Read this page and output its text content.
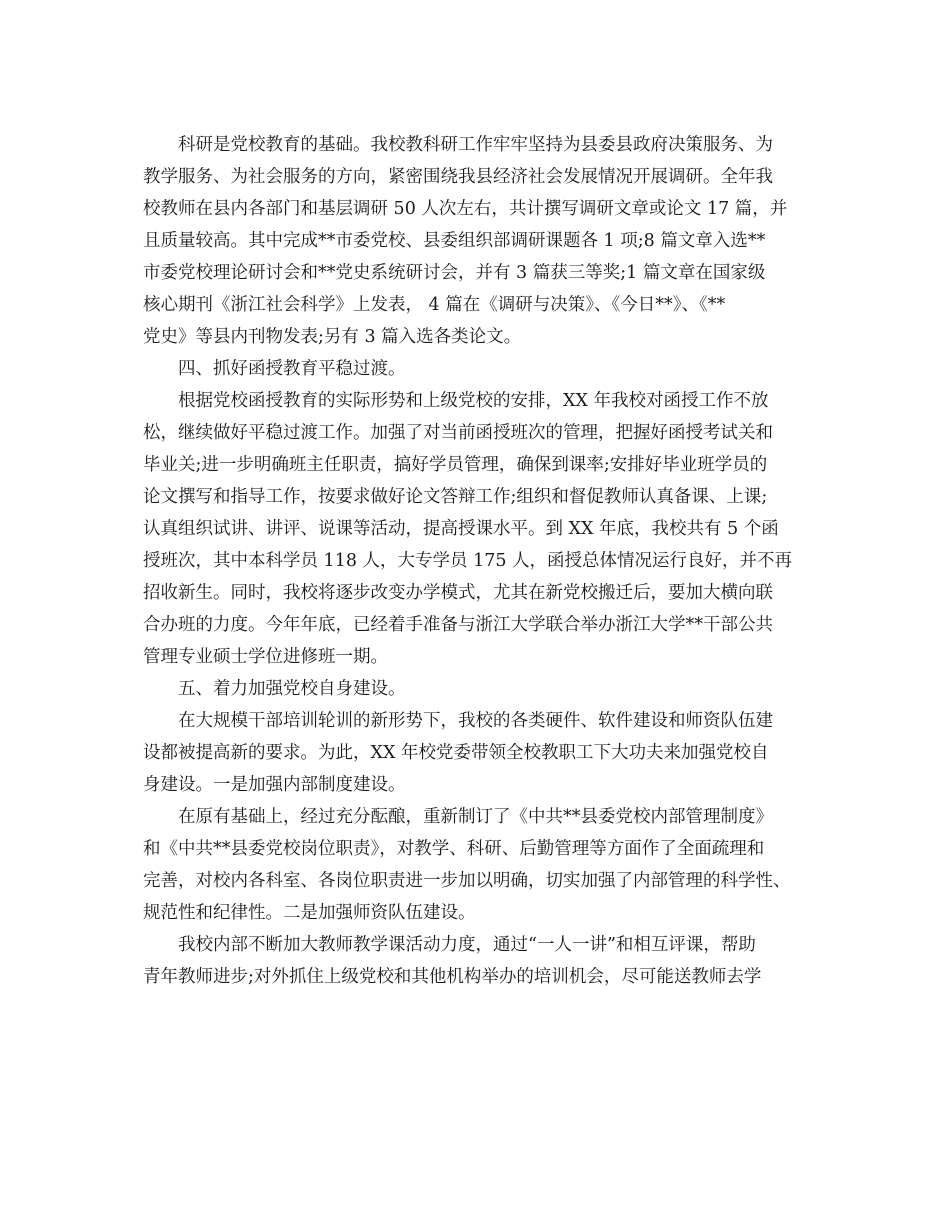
科研是党校教育的基础。我校教科研工作牢牢坚持为县委县政府决策服务、为
教学服务、为社会服务的方向，紧密围绕我县经济社会发展情况开展调研。全年我
校教师在县内各部门和基层调研 50 人次左右，共计撰写调研文章或论文 17 篇，并
且质量较高。其中完成**市委党校、县委组织部调研课题各 1 项;8 篇文章入选**
市委党校理论研讨会和**党史系统研讨会，并有 3 篇获三等奖;1 篇文章在国家级
核心期刊《浙江社会科学》上发表， 4 篇在《调研与决策》、《今日**》、《**
党史》等县内刊物发表;另有 3 篇入选各类论文。
四、抓好函授教育平稳过渡。
根据党校函授教育的实际形势和上级党校的安排，XX 年我校对函授工作不放
松，继续做好平稳过渡工作。加强了对当前函授班次的管理，把握好函授考试关和
毕业关;进一步明确班主任职责，搞好学员管理，确保到课率;安排好毕业班学员的
论文撰写和指导工作，按要求做好论文答辩工作;组织和督促教师认真备课、上课;
认真组织试讲、讲评、说课等活动，提高授课水平。到 XX 年底，我校共有 5 个函
授班次，其中本科学员 118 人，大专学员 175 人，函授总体情况运行良好，并不再
招收新生。同时，我校将逐步改变办学模式，尤其在新党校搬迁后，要加大横向联
合办班的力度。今年年底，已经着手准备与浙江大学联合举办浙江大学**干部公共
管理专业硕士学位进修班一期。
五、着力加强党校自身建设。
在大规模干部培训轮训的新形势下，我校的各类硬件、软件建设和师资队伍建
设都被提高新的要求。为此，XX 年校党委带领全校教职工下大功夫来加强党校自
身建设。一是加强内部制度建设。
在原有基础上，经过充分酝酿，重新制订了《中共**县委党校内部管理制度》
和《中共**县委党校岗位职责》，对教学、科研、后勤管理等方面作了全面疏理和
完善，对校内各科室、各岗位职责进一步加以明确，切实加强了内部管理的科学性、
规范性和纪律性。二是加强师资队伍建设。
我校内部不断加大教师教学课活动力度，通过“一人一讲”和相互评课，帮助
青年教师进步;对外抓住上级党校和其他机构举办的培训机会，尽可能送教师去学
